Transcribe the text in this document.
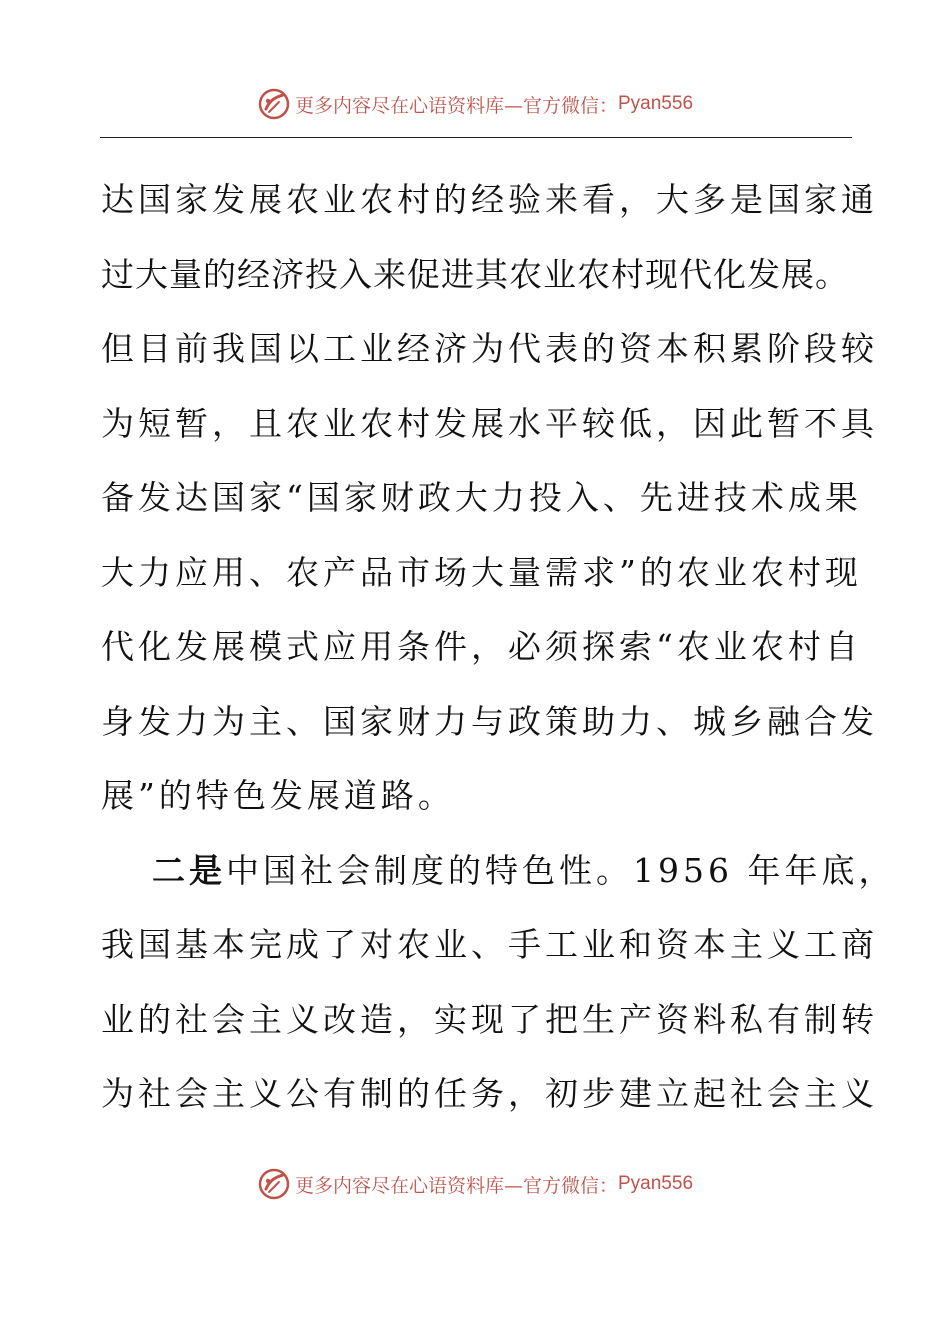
更多内容尽在心语资料库—官方微信： Pyan556
达国家发展农业农村的经验来看，大多是国家通
过大量的经济投入来促进其农业农村现代化发展。
但目前我国以工业经济为代表的资本积累阶段较
为短暂，且农业农村发展水平较低，因此暂不具
备发达国家“国家财政大力投入、先进技术成果
大力应用、农产品市场大量需求”的农业农村现
代化发展模式应用条件，必须探索“农业农村自
身发力为主、国家财力与政策助力、城乡融合发
展”的特色发展道路。
二是 中国社会制度的特色性。1956 年年底，
我国基本完成了对农业、手工业和资本主义工商
业的社会主义改造，实现了把生产资料私有制转
为社会主义公有制的任务，初步建立起社会主义
更多内容尽在心语资料库—官方微信： Pyan556
